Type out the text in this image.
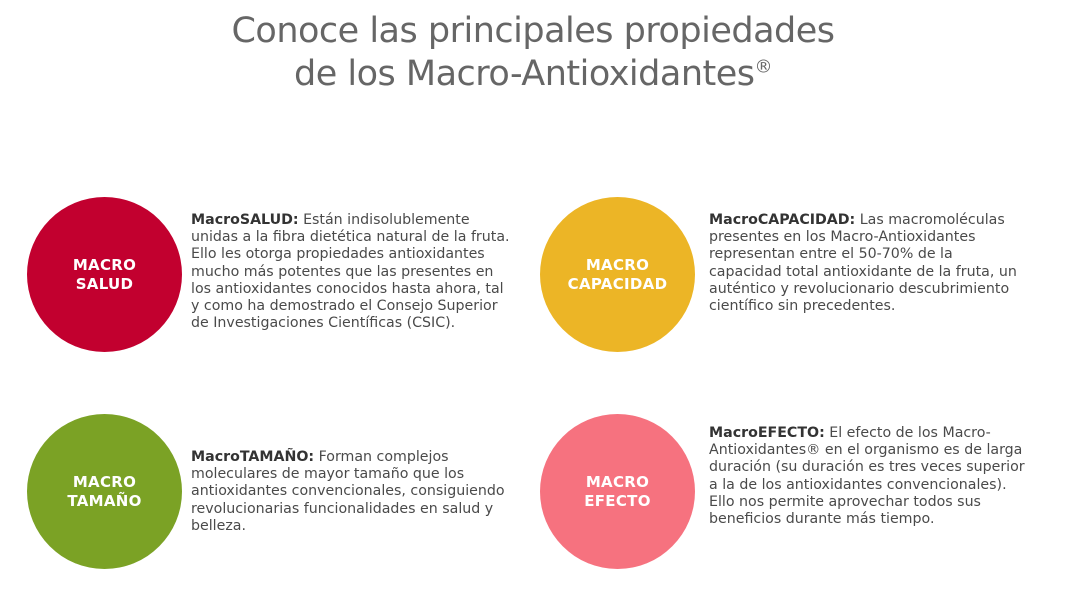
Conoce las principales propiedades
de los Macro-Antioxidantes®
MACRO
SALUD

MacroSALUD: Están indisolublemente unidas a la fibra dietética natural de la fruta. Ello les otorga propiedades antioxidantes mucho más potentes que las presentes en los antioxidantes conocidos hasta ahora, tal y como ha demostrado el Consejo Superior de Investigaciones Científicas (CSIC).

MACRO
CAPACIDAD

MacroCAPACIDAD: Las macromoléculas presentes en los Macro-Antioxidantes representan entre el 50-70% de la capacidad total antioxidante de la fruta, un auténtico y revolucionario descubrimiento científico sin precedentes.

MACRO
TAMAÑO

MacroTAMAÑO: Forman complejos moleculares de mayor tamaño que los antioxidantes convencionales, consiguiendo revolucionarias funcionalidades en salud y belleza.

MACRO
EFECTO

MacroEFECTO: El efecto de los Macro-Antioxidantes® en el organismo es de larga duración (su duración es tres veces superior a la de los antioxidantes convencionales). Ello nos permite aprovechar todos sus beneficios durante más tiempo.
